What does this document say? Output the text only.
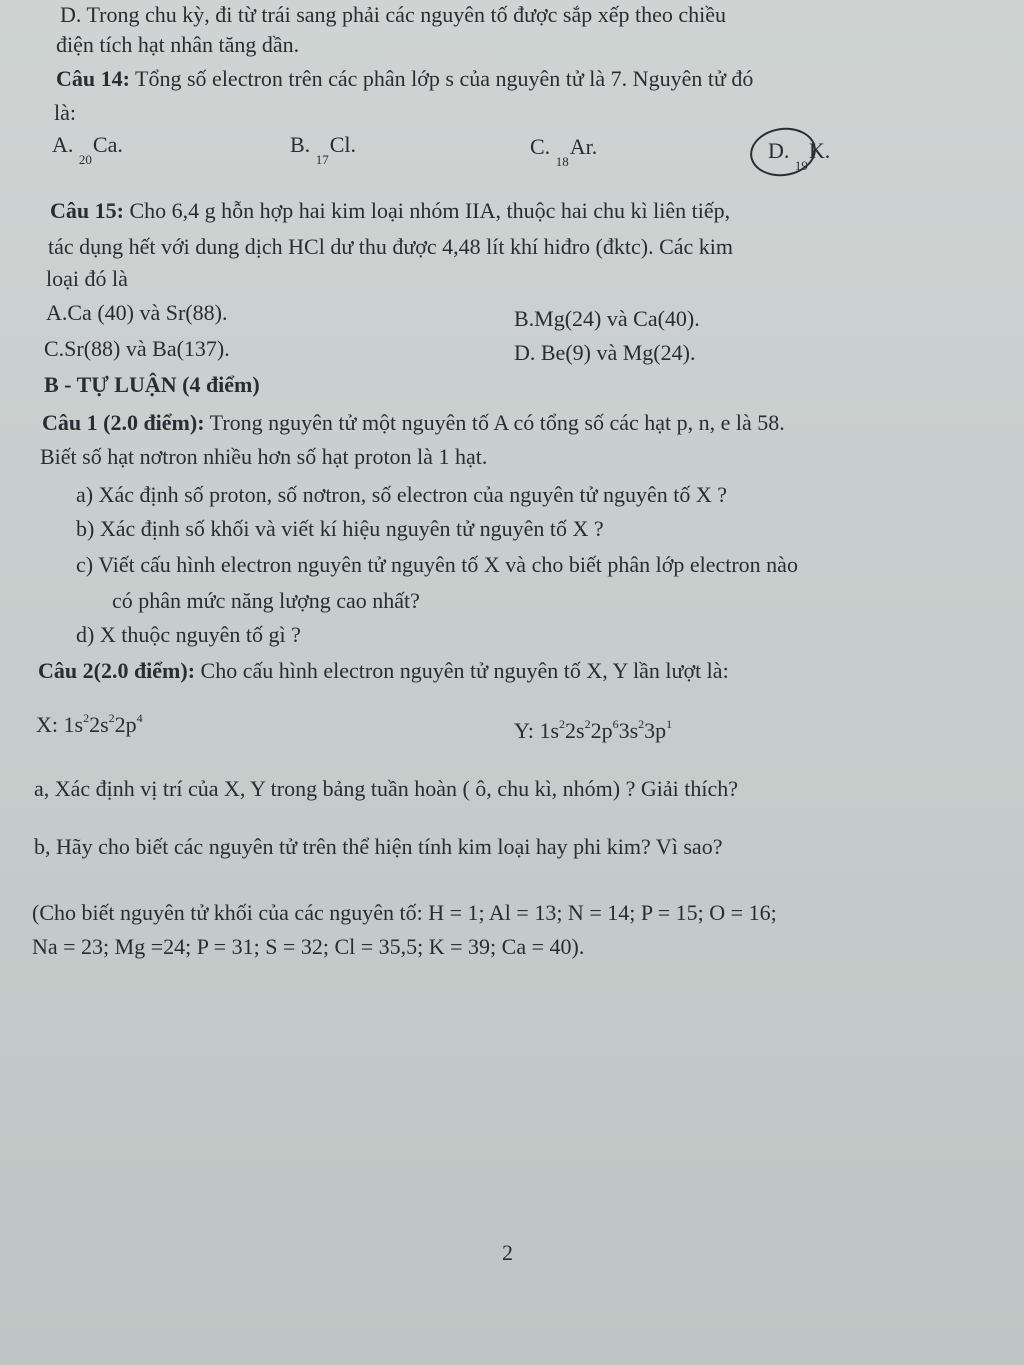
D. Trong chu kỳ, đi từ trái sang phải các nguyên tố được sắp xếp theo chiều
điện tích hạt nhân tăng dần.
Câu 14: Tổng số electron trên các phân lớp s của nguyên tử là 7. Nguyên tử đó
là:
A. $_{20}$Ca.	B. $_{17}$Cl.	C. $_{18}$Ar.	D. $_{19}$K.
Câu 15: Cho 6,4 g hỗn hợp hai kim loại nhóm IIA, thuộc hai chu kì liên tiếp,
tác dụng hết với dung dịch HCl dư thu được 4,48 lít khí hiđro (đktc). Các kim
loại đó là
A.Ca (40) và Sr(88).	B.Mg(24) và Ca(40).
C.Sr(88) và Ba(137).	D. Be(9) và Mg(24).
B - TỰ LUẬN (4 điểm)
Câu 1 (2.0 điểm): Trong nguyên tử một nguyên tố A có tổng số các hạt p, n, e là 58.
Biết số hạt nơtron nhiều hơn số hạt proton là 1 hạt.
a) Xác định số proton, số nơtron, số electron của nguyên tử nguyên tố X ?
b) Xác định số khối và viết kí hiệu nguyên tử nguyên tố X ?
c) Viết cấu hình electron nguyên tử nguyên tố X và cho biết phân lớp electron nào
có phân mức năng lượng cao nhất?
d) X thuộc nguyên tố gì ?
Câu 2(2.0 điểm): Cho cấu hình electron nguyên tử nguyên tố X, Y lần lượt là:
X: $1s^22s^22p^4$	Y: $1s^22s^22p^63s^23p^1$
a, Xác định vị trí của X, Y trong bảng tuần hoàn ( ô, chu kì, nhóm) ? Giải thích?
b, Hãy cho biết các nguyên tử trên thể hiện tính kim loại hay phi kim? Vì sao?
(Cho biết nguyên tử khối của các nguyên tố: H = 1; Al = 13; N = 14; P = 15; O = 16;
Na = 23; Mg =24; P = 31; S = 32; Cl = 35,5; K = 39; Ca = 40).
2
